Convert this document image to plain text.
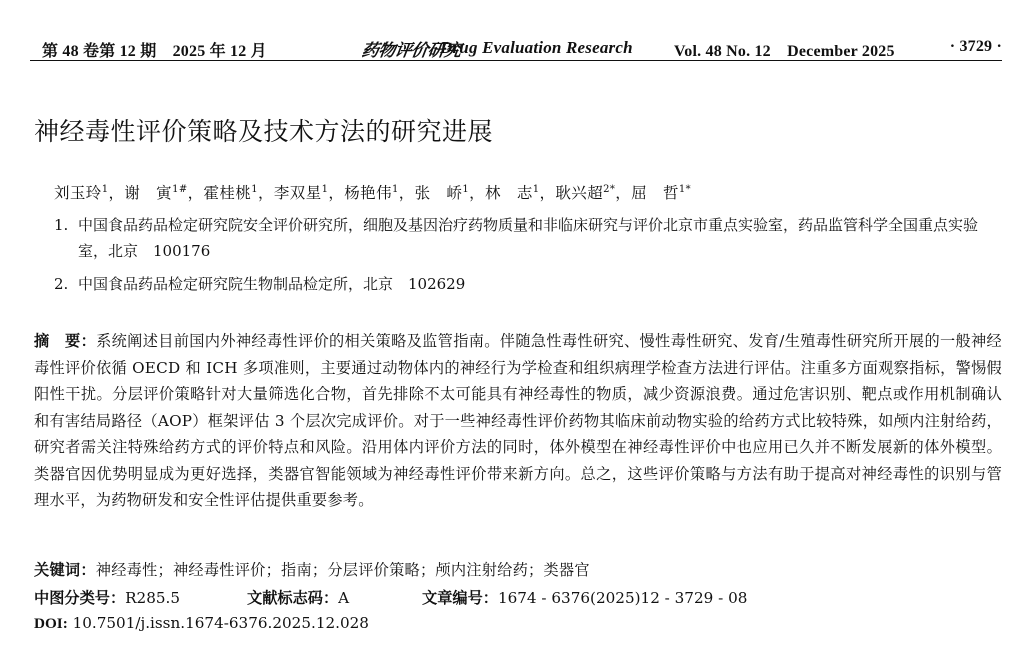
第 48 卷第 12 期　2025 年 12 月	药物评价研究
Drug Evaluation Research	Vol. 48 No. 12　December 2025	· 3729 ·
神经毒性评价策略及技术方法的研究进展
刘玉玲$^1$，谢　寅$^{1\#}$，霍桂桃$^1$，李双星$^1$，杨艳伟$^1$，张　峤$^1$，林　志$^1$，耿兴超$^{2*}$，屈　哲$^{1*}$
1. 中国食品药品检定研究院安全评价研究所，细胞及基因治疗药物质量和非临床研究与评价北京市重点实验室，药品监管科学全国重点实验室，北京　100176
2. 中国食品药品检定研究院生物制品检定所，北京　102629
摘　要：系统阐述目前国内外神经毒性评价的相关策略及监管指南。伴随急性毒性研究、慢性毒性研究、发育/生殖毒性研究所开展的一般神经毒性评价依循 OECD 和 ICH 多项准则，主要通过动物体内的神经行为学检查和组织病理学检查方法进行评估。注重多方面观察指标，警惕假阳性干扰。分层评价策略针对大量筛选化合物，首先排除不太可能具有神经毒性的物质，减少资源浪费。通过危害识别、靶点或作用机制确认和有害结局路径（AOP）框架评估 3 个层次完成评价。对于一些神经毒性评价药物其临床前动物实验的给药方式比较特殊，如颅内注射给药，研究者需关注特殊给药方式的评价特点和风险。沿用体内评价方法的同时，体外模型在神经毒性评价中也应用已久并不断发展新的体外模型。类器官因优势明显成为更好选择，类器官智能领域为神经毒性评价带来新方向。总之，这些评价策略与方法有助于提高对神经毒性的识别与管理水平，为药物研发和安全性评估提供重要参考。
关键词：神经毒性；神经毒性评价；指南；分层评价策略；颅内注射给药；类器官
中图分类号：R285.5	文献标志码：A	文章编号：1674 - 6376(2025)12 - 3729 - 08
DOI: 10.7501/j.issn.1674-6376.2025.12.028
